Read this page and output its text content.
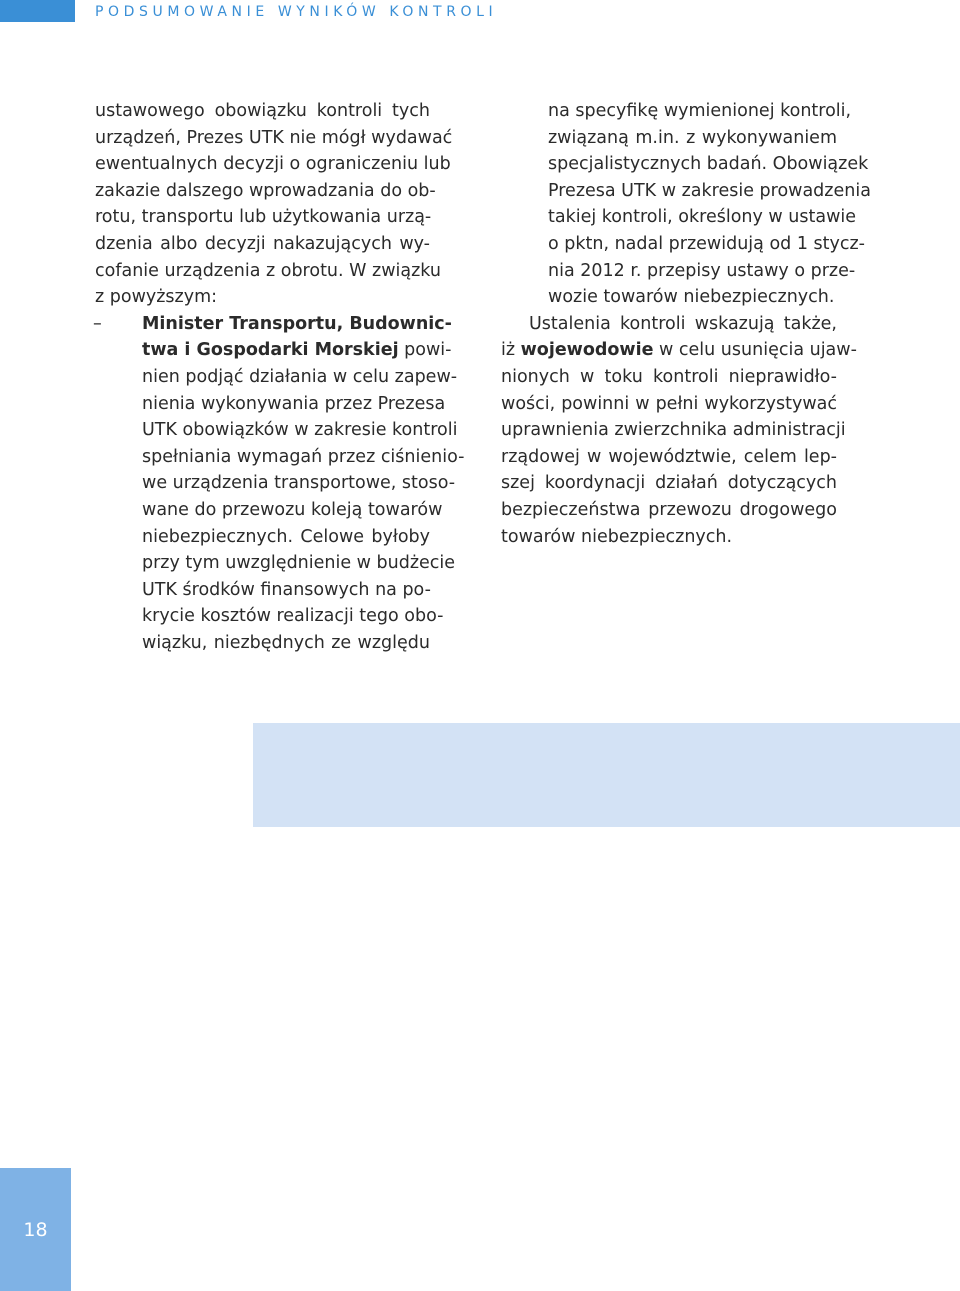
PODSUMOWANIE WYNIKÓW KONTROLI
ustawowego obowiązku kontroli tych
urządzeń, Prezes UTK nie mógł wydawać
ewentualnych decyzji o ograniczeniu lub
zakazie dalszego wprowadzania do ob-
rotu, transportu lub użytkowania urzą-
dzenia albo decyzji nakazujących wy-
cofanie urządzenia z obrotu. W związku
z powyższym:
–	Minister Transportu, Budownic-
twa i Gospodarki Morskiej powi-
nien podjąć działania w celu zapew-
nienia wykonywania przez Prezesa
UTK obowiązków w zakresie kontroli
spełniania wymagań przez ciśnienio-
we urządzenia transportowe, stoso-
wane do przewozu koleją towarów
niebezpiecznych. Celowe byłoby
przy tym uwzględnienie w budżecie
UTK środków finansowych na po-
krycie kosztów realizacji tego obo-
wiązku, niezbędnych ze względu
na specyfikę wymienionej kontroli,
związaną m.in. z wykonywaniem
specjalistycznych badań. Obowiązek
Prezesa UTK w zakresie prowadzenia
takiej kontroli, określony w ustawie
o pktn, nadal przewidują od 1 stycz-
nia 2012 r. przepisy ustawy o prze-
wozie towarów niebezpiecznych.
Ustalenia kontroli wskazują także,
iż wojewodowie w celu usunięcia ujaw-
nionych w toku kontroli nieprawidło-
wości, powinni w pełni wykorzystywać
uprawnienia zwierzchnika administracji
rządowej w województwie, celem lep-
szej koordynacji działań dotyczących
bezpieczeństwa przewozu drogowego
towarów niebezpiecznych.
18
